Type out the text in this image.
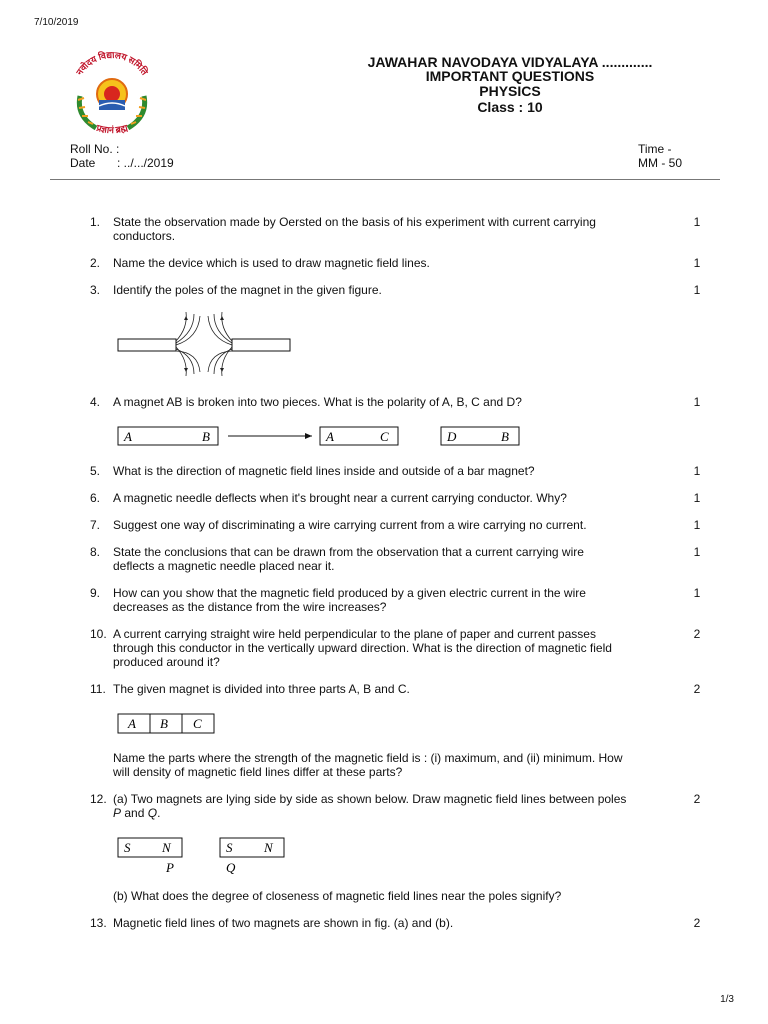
7/10/2019
नवोदय विद्यालय समिति
प्रज्ञानं ब्रह्म
JAWAHAR NAVODAYA VIDYALAYA .............
IMPORTANT QUESTIONS
PHYSICS
Class : 10
Roll No. :
Date : ../.../2019
Time -
MM - 50
1.	State the observation made by Oersted on the basis of his experiment with current carrying
conductors.
1
2.	Name the device which is used to draw magnetic field lines.	1
3.	Identify the poles of the magnet in the given figure.	1
4.	A magnet AB is broken into two pieces. What is the polarity of A, B, C and D?	1
A	B	A	C	D	B
5.	What is the direction of magnetic field lines inside and outside of a bar magnet?	1
6.	A magnetic needle deflects when it's brought near a current carrying conductor. Why?	1
7.	Suggest one way of discriminating a wire carrying current from a wire carrying no current.	1
8.	State the conclusions that can be drawn from the observation that a current carrying wire
deflects a magnetic needle placed near it.
1
9.	How can you show that the magnetic field produced by a given electric current in the wire
decreases as the distance from the wire increases?
1
10. A current carrying straight wire held perpendicular to the plane of paper and current passes
through this conductor in the vertically upward direction. What is the direction of magnetic field
produced around it?
2
11. The given magnet is divided into three parts A, B and C.	2
A B C
Name the parts where the strength of the magnetic field is : (i) maximum, and (ii) minimum. How
will density of magnetic field lines differ at these parts?
12. (a) Two magnets are lying side by side as shown below. Draw magnetic field lines between poles
P and Q.
2
S N	S N
P	Q
(b) What does the degree of closeness of magnetic field lines near the poles signify?
13. Magnetic field lines of two magnets are shown in fig. (a) and (b).	2
1/3
